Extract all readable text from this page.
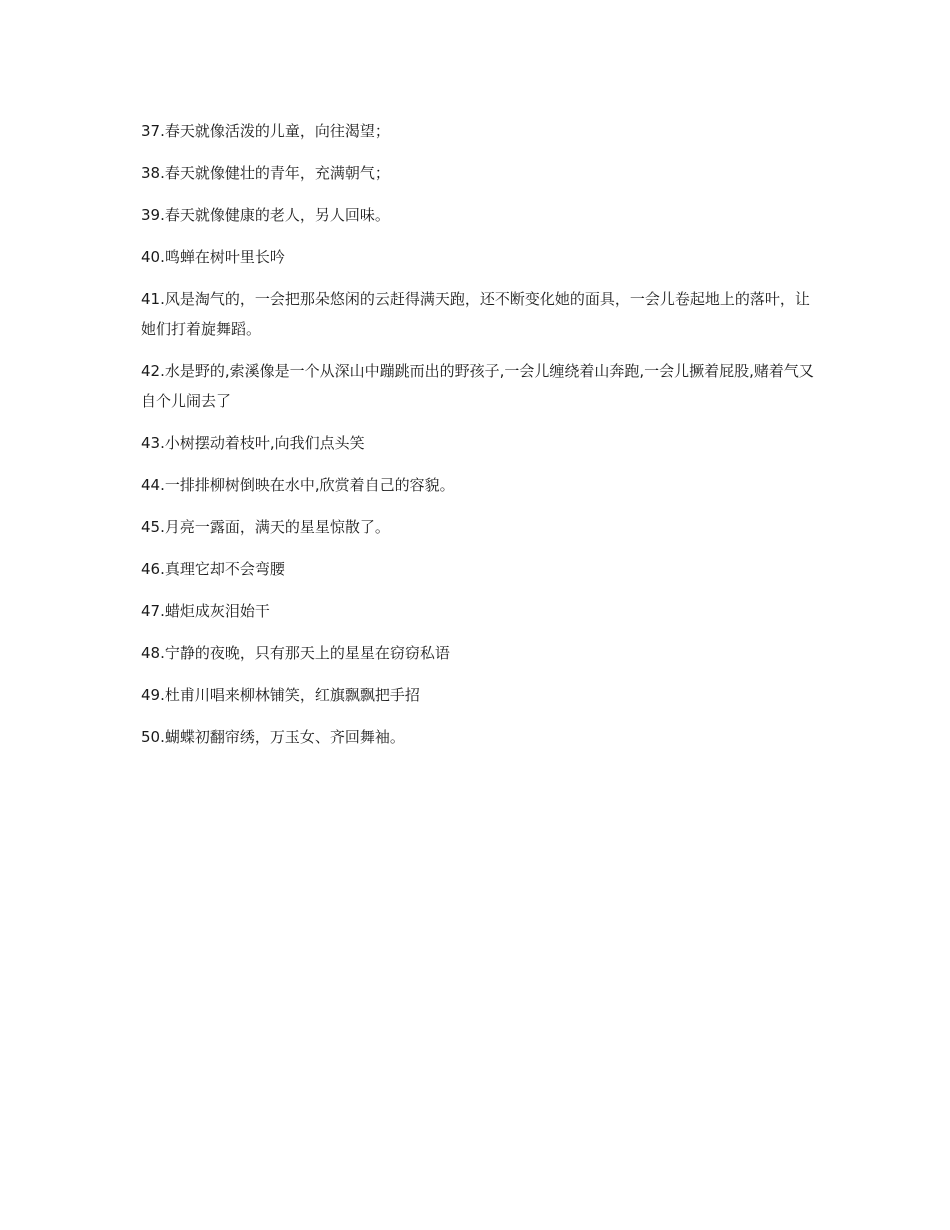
37.春天就像活泼的儿童，向往渴望；

38.春天就像健壮的青年，充满朝气；

39.春天就像健康的老人，另人回味。

40.鸣蝉在树叶里长吟

41.风是淘气的，一会把那朵悠闲的云赶得满天跑，还不断变化她的面具，一会儿卷起地上的落叶，让她们打着旋舞蹈。

42.水是野的,索溪像是一个从深山中蹦跳而出的野孩子,一会儿缠绕着山奔跑,一会儿撅着屁股,赌着气又自个儿闹去了

43.小树摆动着枝叶,向我们点头笑

44.一排排柳树倒映在水中,欣赏着自己的容貌。

45.月亮一露面，满天的星星惊散了。

46.真理它却不会弯腰

47.蜡炬成灰泪始干

48.宁静的夜晚，只有那天上的星星在窃窃私语

49.杜甫川唱来柳林铺笑，红旗飘飘把手招

50.蝴蝶初翻帘绣，万玉女、齐回舞袖。
